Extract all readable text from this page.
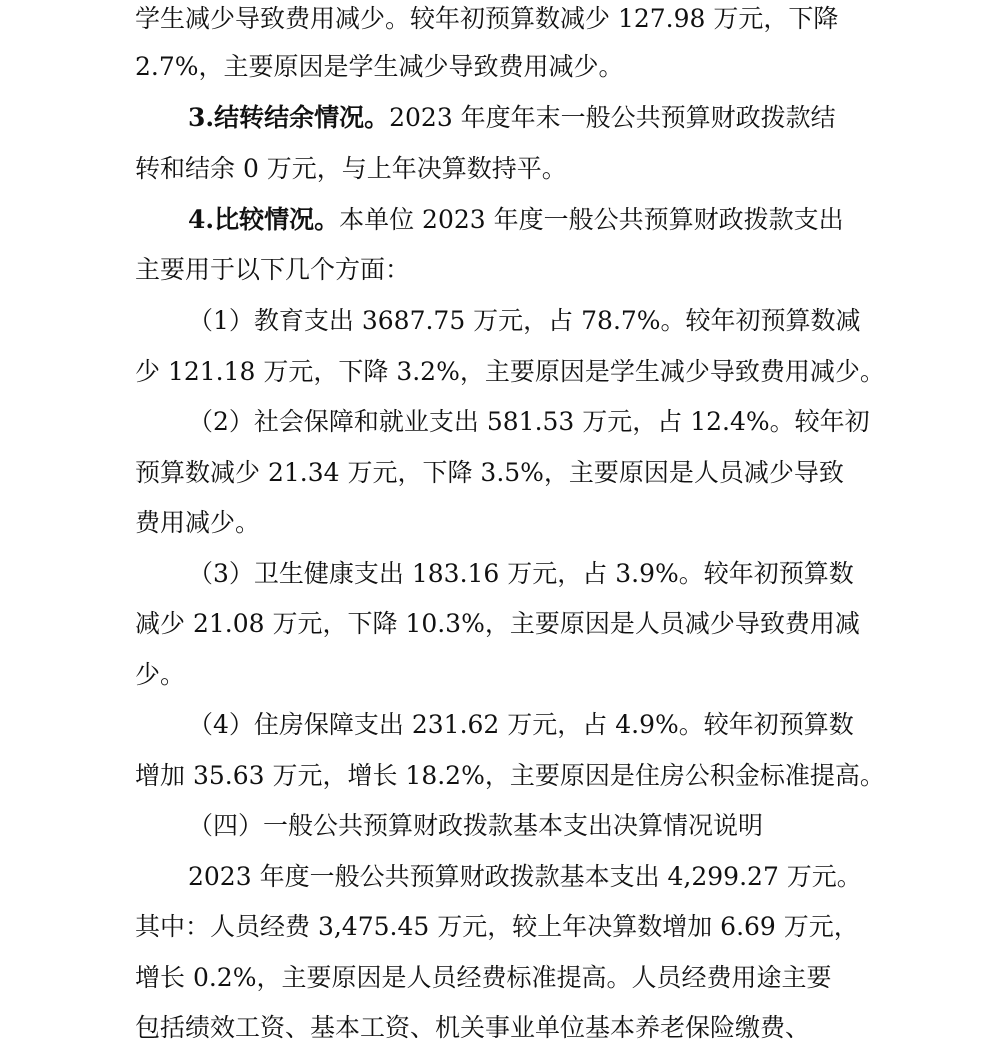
学生减少导致费用减少。较年初预算数减少 127.98 万元，下降
2.7%，主要原因是学生减少导致费用减少。
3.结转结余情况。2023 年度年末一般公共预算财政拨款结
转和结余 0 万元，与上年决算数持平。
4.比较情况。本单位 2023 年度一般公共预算财政拨款支出
主要用于以下几个方面：
（1）教育支出 3687.75 万元，占 78.7%。较年初预算数减
少 121.18 万元，下降 3.2%，主要原因是学生减少导致费用减少。
（2）社会保障和就业支出 581.53 万元，占 12.4%。较年初
预算数减少 21.34 万元，下降 3.5%，主要原因是人员减少导致
费用减少。
（3）卫生健康支出 183.16 万元，占 3.9%。较年初预算数
减少 21.08 万元，下降 10.3%，主要原因是人员减少导致费用减
少。
（4）住房保障支出 231.62 万元，占 4.9%。较年初预算数
增加 35.63 万元，增长 18.2%，主要原因是住房公积金标准提高。
（四）一般公共预算财政拨款基本支出决算情况说明
2023 年度一般公共预算财政拨款基本支出 4,299.27 万元。
其中：人员经费 3,475.45 万元，较上年决算数增加 6.69 万元，
增长 0.2%，主要原因是人员经费标准提高。人员经费用途主要
包括绩效工资、基本工资、机关事业单位基本养老保险缴费、
